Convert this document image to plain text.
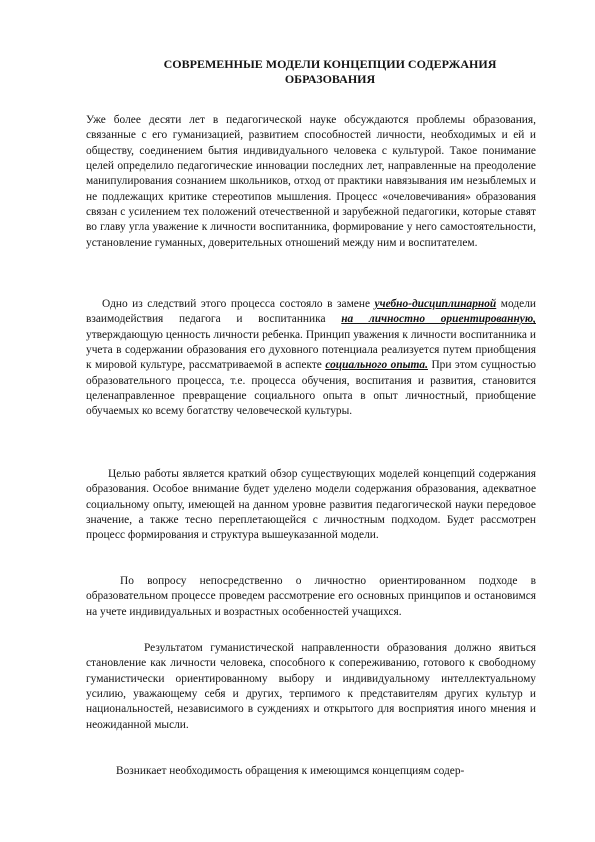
СОВРЕМЕННЫЕ МОДЕЛИ КОНЦЕПЦИИ СОДЕРЖАНИЯ
ОБРАЗОВАНИЯ

Уже более десяти лет в педагогической науке обсуждаются проблемы образования, связанные с его гуманизацией, развитием способностей личности, необходимых и ей и обществу, соединением бытия индивидуального человека с культурой. Такое понимание целей определило педагогические инновации последних лет, направленные на преодоление манипулирования сознанием школьников, отход от практики навязывания им незыблемых и не подлежащих критике стереотипов мышления. Процесс «очеловечивания» образования связан с усилением тех положений отечественной и зарубежной педагогики, которые ставят во главу угла уважение к личности воспитанника, формирование у него самостоятельности, установление гуманных, доверительных отношений между ним и воспитателем.

Одно из следствий этого процесса состояло в замене учебно-дисциплинарной модели взаимодействия педагога и воспитанника на личностно ориентированную, утверждающую ценность личности ребенка. Принцип уважения к личности воспитанника и учета в содержании образования его духовного потенциала реализуется путем приобщения к мировой культуре, рассматриваемой в аспекте социального опыта. При этом сущностью образовательного процесса, т.е. процесса обучения, воспитания и развития, становится целенаправленное превращение социального опыта в опыт личностный, приобщение обучаемых ко всему богатству человеческой культуры.

Целью работы является краткий обзор существующих моделей концепций содержания образования. Особое внимание будет уделено модели содержания образования, адекватное социальному опыту, имеющей на данном уровне развития педагогической науки передовое значение, а также тесно переплетающейся с личностным подходом. Будет рассмотрен процесс формирования и структура вышеуказанной модели.

По вопросу непосредственно о личностно ориентированном подходе в образовательном процессе проведем рассмотрение его основных принципов и остановимся на учете индивидуальных и возрастных особенностей учащихся.

Результатом гуманистической направленности образования должно явиться становление как личности человека, способного к сопереживанию, готового к свободному гуманистически ориентированному выбору и индивидуальному интеллектуальному усилию, уважающему себя и других, терпимого к представителям других культур и национальностей, независимого в суждениях и открытого для восприятия иного мнения и неожиданной мысли.

Возникает необходимость обращения к имеющимся концепциям содер-
